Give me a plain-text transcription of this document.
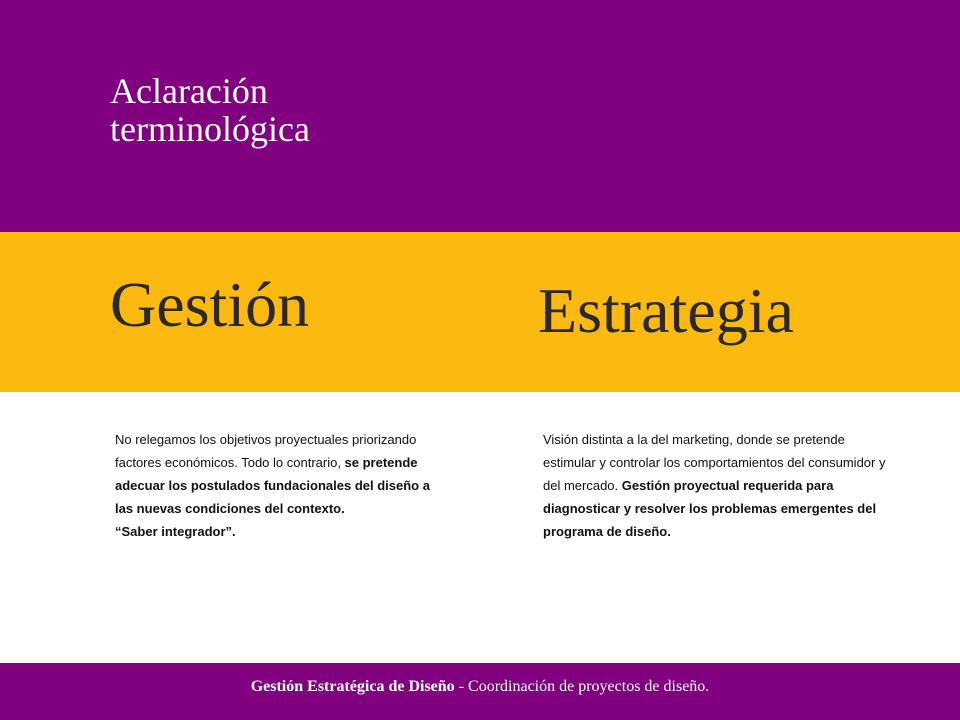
Aclaración
terminológica
Gestión	Estrategia
No relegamos los objetivos proyectuales priorizando factores económicos. Todo lo contrario, se pretende adecuar los postulados fundacionales del diseño a las nuevas condiciones del contexto.
“Saber integrador”.
Visión distinta a la del marketing, donde se pretende estimular y controlar los comportamientos del consumidor y del mercado. Gestión proyectual requerida para diagnosticar y resolver los problemas emergentes del programa de diseño.
Gestión Estratégica de Diseño - Coordinación de proyectos de diseño.
